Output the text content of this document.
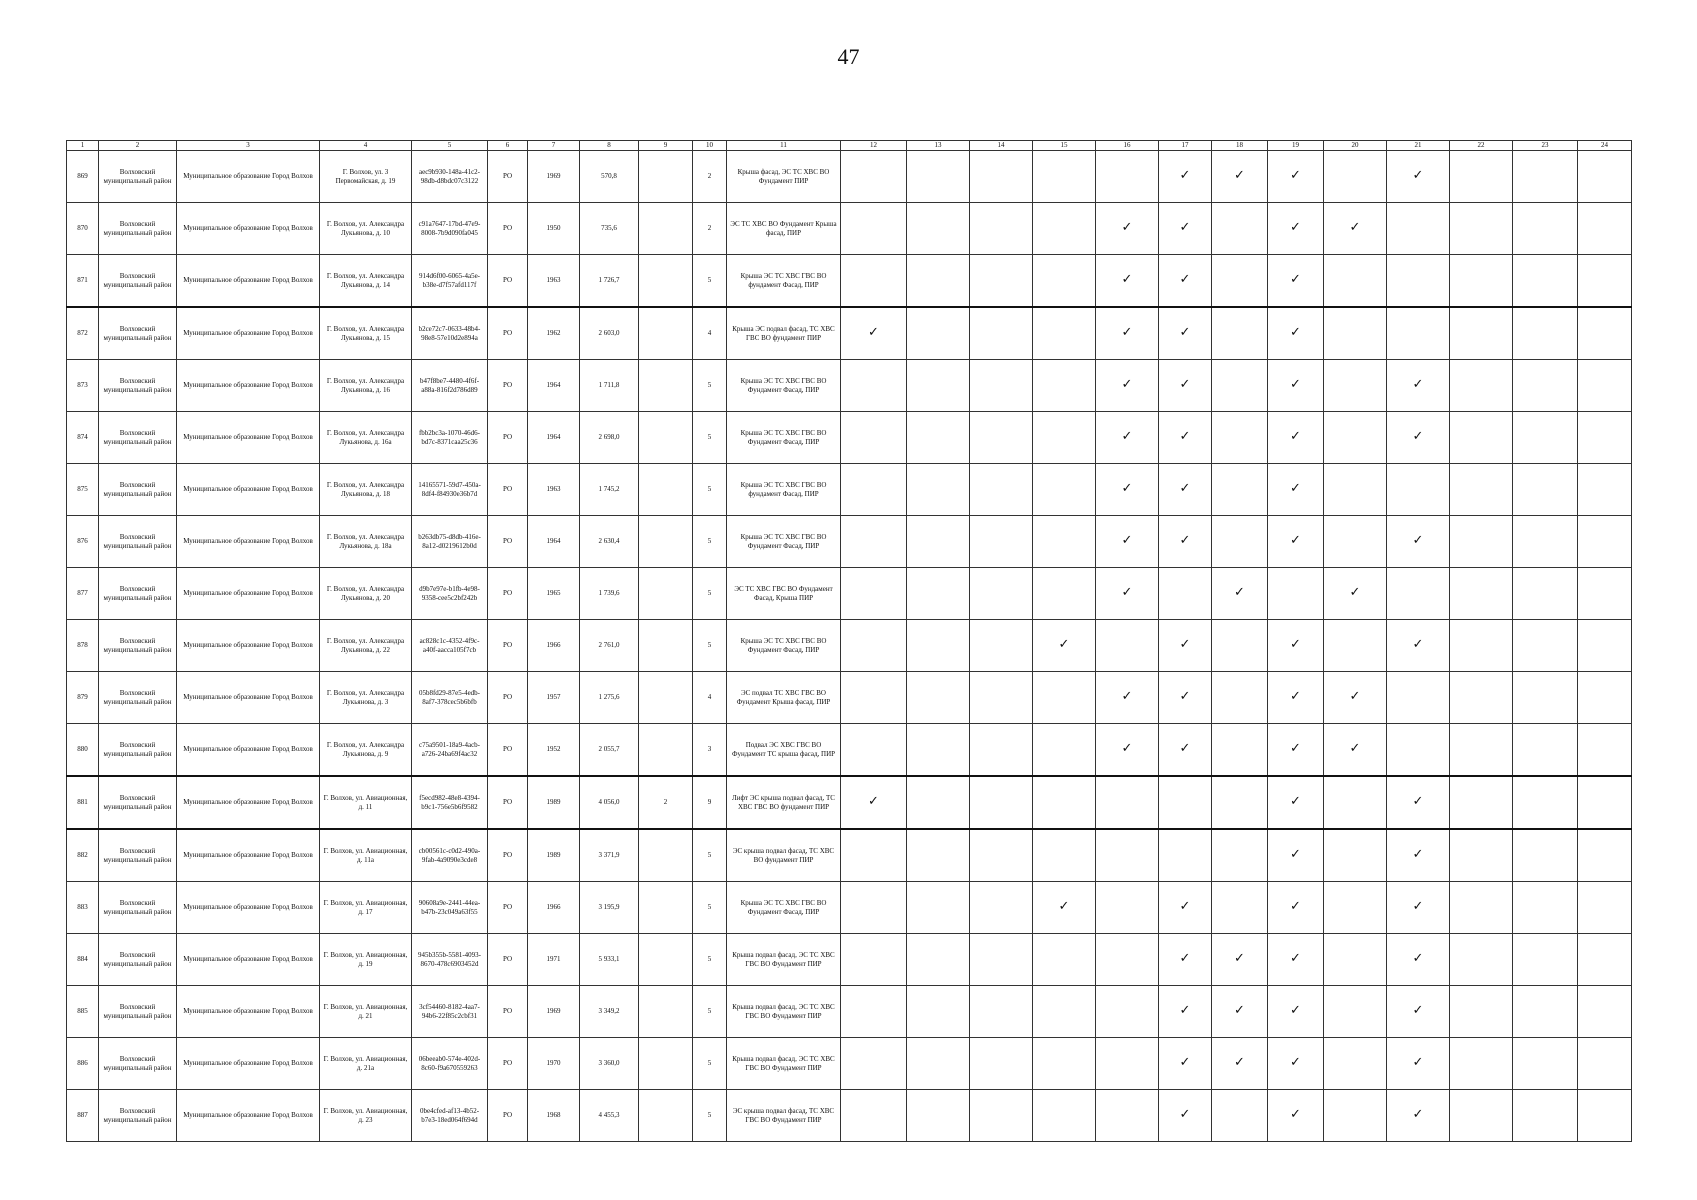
47
1	2	3	4	5	6	7	8	9	10	11	12	13	14	15	16	17	18	19	20	21	22	23	24
869	Волховский муниципальный район	Муниципальное образование Город Волхов	Г. Волхов, ул. 3 Первомайская, д. 19	aec9b930-148a-41c2-98db-d8bdc07c3122	РО	1969	570,8		2	Крыша фасад, ЭС ТС ХВС ВО Фундамент ПИР						✓	✓	✓		✓			
870	Волховский муниципальный район	Муниципальное образование Город Волхов	Г. Волхов, ул. Александра Лукьянова, д. 10	c91a7647-17bd-47e9-8008-7b9d090fa045	РО	1950	735,6		2	ЭС ТС ХВС ВО Фундамент Крыша фасад, ПИР					✓	✓		✓	✓				
871	Волховский муниципальный район	Муниципальное образование Город Волхов	Г. Волхов, ул. Александра Лукьянова, д. 14	914d6f00-6065-4a5e-b38e-d7f57afd117f	РО	1963	1 726,7		5	Крыша ЭС ТС ХВС ГВС ВО фундамент Фасад, ПИР					✓	✓		✓					
872	Волховский муниципальный район	Муниципальное образование Город Волхов	Г. Волхов, ул. Александра Лукьянова, д. 15	b2ce72c7-0633-48b4-98e8-57e10d2e894a	РО	1962	2 603,0		4	Крыша ЭС подвал фасад, ТС ХВС ГВС ВО фундамент ПИР	✓				✓	✓		✓					
873	Волховский муниципальный район	Муниципальное образование Город Волхов	Г. Волхов, ул. Александра Лукьянова, д. 16	b47f8be7-4480-4f6f-a88a-816f2d786d89	РО	1964	1 711,8		5	Крыша ЭС ТС ХВС ГВС ВО Фундамент Фасад, ПИР					✓	✓		✓		✓			
874	Волховский муниципальный район	Муниципальное образование Город Волхов	Г. Волхов, ул. Александра Лукьянова, д. 16а	fbb2bc3a-1070-46d6-bd7c-8371caa25c36	РО	1964	2 698,0		5	Крыша ЭС ТС ХВС ГВС ВО Фундамент Фасад, ПИР					✓	✓		✓		✓			
875	Волховский муниципальный район	Муниципальное образование Город Волхов	Г. Волхов, ул. Александра Лукьянова, д. 18	14165571-59d7-450a-8df4-f84930e36b7d	РО	1963	1 745,2		5	Крыша ЭС ТС ХВС ГВС ВО фундамент Фасад, ПИР					✓	✓		✓					
876	Волховский муниципальный район	Муниципальное образование Город Волхов	Г. Волхов, ул. Александра Лукьянова, д. 18а	b263db75-d8db-416e-8a12-d0219612b0d	РО	1964	2 630,4		5	Крыша ЭС ТС ХВС ГВС ВО Фундамент Фасад, ПИР					✓	✓		✓		✓			
877	Волховский муниципальный район	Муниципальное образование Город Волхов	Г. Волхов, ул. Александра Лукьянова, д. 20	d9b7e97e-b1fb-4e98-9358-cee5c2bf242b	РО	1965	1 739,6		5	ЭС ТС ХВС ГВС ВО Фундамент Фасад, Крыша ПИР					✓		✓		✓				
878	Волховский муниципальный район	Муниципальное образование Город Волхов	Г. Волхов, ул. Александра Лукьянова, д. 22	ac828c1c-4352-4f9c-a40f-aacca105f7cb	РО	1966	2 761,0		5	Крыша ЭС ТС ХВС ГВС ВО Фундамент Фасад, ПИР				✓		✓		✓		✓			
879	Волховский муниципальный район	Муниципальное образование Город Волхов	Г. Волхов, ул. Александра Лукьянова, д. 3	05b8fd29-87e5-4edb-8af7-378cec5b6bfb	РО	1957	1 275,6		4	ЭС подвал ТС ХВС ГВС ВО Фундамент Крыша фасад, ПИР					✓	✓		✓	✓				
880	Волховский муниципальный район	Муниципальное образование Город Волхов	Г. Волхов, ул. Александра Лукьянова, д. 9	c75a9501-18a9-4acb-a726-24ba69f4ac32	РО	1952	2 055,7		3	Подвал ЭС ХВС ГВС ВО Фундамент ТС крыша фасад, ПИР					✓	✓		✓	✓				
881	Волховский муниципальный район	Муниципальное образование Город Волхов	Г. Волхов, ул. Авиационная, д. 11	f5ecd982-48e8-4394-b9c1-756e5b6f9582	РО	1989	4 056,0	2	9	Лифт ЭС крыша подвал фасад, ТС ХВС ГВС ВО фундамент ПИР	✓							✓		✓			
882	Волховский муниципальный район	Муниципальное образование Город Волхов	Г. Волхов, ул. Авиационная, д. 11а	cb00561c-c0d2-490a-9fab-4a9090e3cde8	РО	1989	3 371,9		5	ЭС крыша подвал фасад, ТС ХВС ВО фундамент ПИР								✓		✓			
883	Волховский муниципальный район	Муниципальное образование Город Волхов	Г. Волхов, ул. Авиационная, д. 17	90608a9e-2441-44ea-b47b-23c049a63f55	РО	1966	3 195,9		5	Крыша ЭС ТС ХВС ГВС ВО Фундамент Фасад, ПИР				✓		✓		✓		✓			
884	Волховский муниципальный район	Муниципальное образование Город Волхов	Г. Волхов, ул. Авиационная, д. 19	945b355b-5581-4093-8670-478c6903452d	РО	1971	5 933,1		5	Крыша подвал фасад, ЭС ТС ХВС ГВС ВО Фундамент ПИР						✓	✓	✓		✓			
885	Волховский муниципальный район	Муниципальное образование Город Волхов	Г. Волхов, ул. Авиационная, д. 21	3cf54460-8182-4aa7-94b6-22f85c2cbf31	РО	1969	3 349,2		5	Крыша подвал фасад, ЭС ТС ХВС ГВС ВО Фундамент ПИР						✓	✓	✓		✓			
886	Волховский муниципальный район	Муниципальное образование Город Волхов	Г. Волхов, ул. Авиационная, д. 21а	06beeab0-574e-402d-8c60-f9a670559263	РО	1970	3 360,0		5	Крыша подвал фасад, ЭС ТС ХВС ГВС ВО Фундамент ПИР						✓	✓	✓		✓			
887	Волховский муниципальный район	Муниципальное образование Город Волхов	Г. Волхов, ул. Авиационная, д. 23	0be4cfed-af13-4b52-b7e3-18ed064f694d	РО	1968	4 455,3		5	ЭС крыша подвал фасад, ТС ХВС ГВС ВО Фундамент ПИР						✓		✓		✓			
